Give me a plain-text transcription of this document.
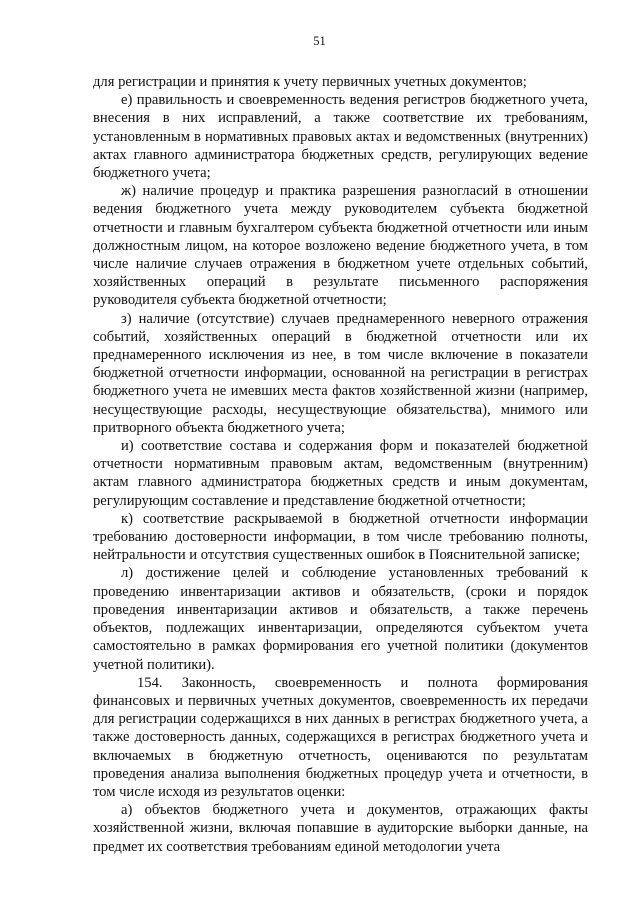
51

для регистрации и принятия к учету первичных учетных документов;

е) правильность и своевременность ведения регистров бюджетного учета, внесения в них исправлений, а также соответствие их требованиям, установленным в нормативных правовых актах и ведомственных (внутренних) актах главного администратора бюджетных средств, регулирующих ведение бюджетного учета;

ж) наличие процедур и практика разрешения разногласий в отношении ведения бюджетного учета между руководителем субъекта бюджетной отчетности и главным бухгалтером субъекта бюджетной отчетности или иным должностным лицом, на которое возложено ведение бюджетного учета, в том числе наличие случаев отражения в бюджетном учете отдельных событий, хозяйственных операций в результате письменного распоряжения руководителя субъекта бюджетной отчетности;

з) наличие (отсутствие) случаев преднамеренного неверного отражения событий, хозяйственных операций в бюджетной отчетности или их преднамеренного исключения из нее, в том числе включение в показатели бюджетной отчетности информации, основанной на регистрации в регистрах бюджетного учета не имевших места фактов хозяйственной жизни (например, несуществующие расходы, несуществующие обязательства), мнимого или притворного объекта бюджетного учета;

и) соответствие состава и содержания форм и показателей бюджетной отчетности нормативным правовым актам, ведомственным (внутренним) актам главного администратора бюджетных средств и иным документам, регулирующим составление и представление бюджетной отчетности;

к) соответствие раскрываемой в бюджетной отчетности информации требованию достоверности информации, в том числе требованию полноты, нейтральности и отсутствия существенных ошибок в Пояснительной записке;

л) достижение целей и соблюдение установленных требований к проведению инвентаризации активов и обязательств, (сроки и порядок проведения инвентаризации активов и обязательств, а также перечень объектов, подлежащих инвентаризации, определяются субъектом учета самостоятельно в рамках формирования его учетной политики (документов учетной политики).

154. Законность, своевременность и полнота формирования финансовых и первичных учетных документов, своевременность их передачи для регистрации содержащихся в них данных в регистрах бюджетного учета, а также достоверность данных, содержащихся в регистрах бюджетного учета и включаемых в бюджетную отчетность, оцениваются по результатам проведения анализа выполнения бюджетных процедур учета и отчетности, в том числе исходя из результатов оценки:

а) объектов бюджетного учета и документов, отражающих факты хозяйственной жизни, включая попавшие в аудиторские выборки данные, на предмет их соответствия требованиям единой методологии учета
